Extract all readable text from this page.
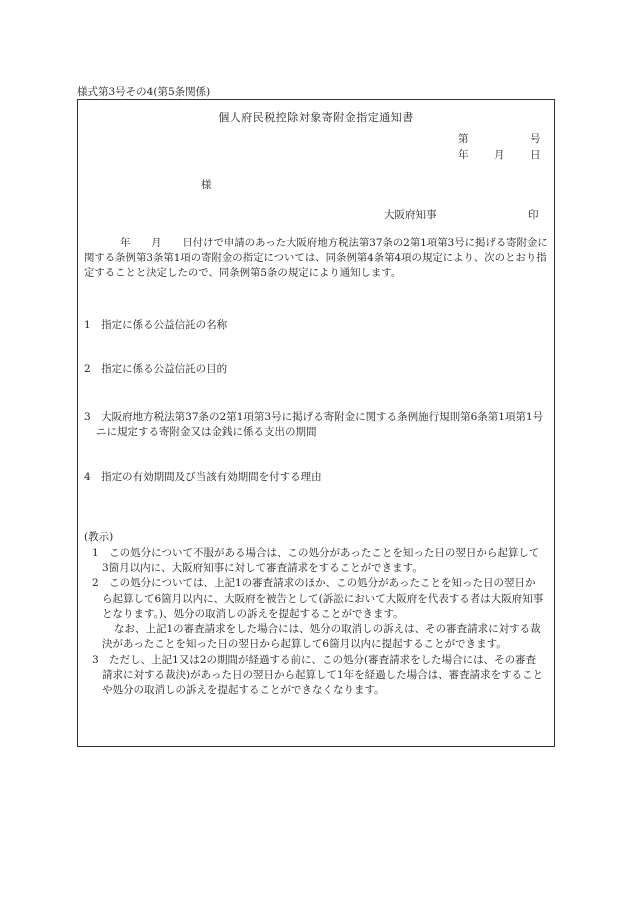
様式第3号その4(第5条関係)
個人府民税控除対象寄附金指定通知書
第	号
年 月 日
様
大阪府知事	印

年　　月　　日付けで申請のあった大阪府地方税法第37条の2第1項第3号に掲げる寄附金に関する条例第3条第1項の寄附金の指定については、同条例第4条第4項の規定により、次のとおり指定することと決定したので、同条例第5条の規定により通知します。

1　指定に係る公益信託の名称
2　指定に係る公益信託の目的

3　大阪府地方税法第37条の2第1項第3号に掲げる寄附金に関する条例施行規則第6条第1項第1号ニに規定する寄附金又は金銭に係る支出の期間

4　指定の有効期間及び当該有効期間を付する理由
(教示)

1　この処分について不服がある場合は、この処分があったことを知った日の翌日から起算して3箇月以内に、大阪府知事に対して審査請求をすることができます。

2　この処分については、上記1の審査請求のほか、この処分があったことを知った日の翌日から起算して6箇月以内に、大阪府を被告として(訴訟において大阪府を代表する者は大阪府知事となります。)、処分の取消しの訴えを提起することができます。

なお、上記1の審査請求をした場合には、処分の取消しの訴えは、その審査請求に対する裁決があったことを知った日の翌日から起算して6箇月以内に提起することができます。

3　ただし、上記1又は2の期間が経過する前に、この処分(審査請求をした場合には、その審査請求に対する裁決)があった日の翌日から起算して1年を経過した場合は、審査請求をすることや処分の取消しの訴えを提起することができなくなります。
